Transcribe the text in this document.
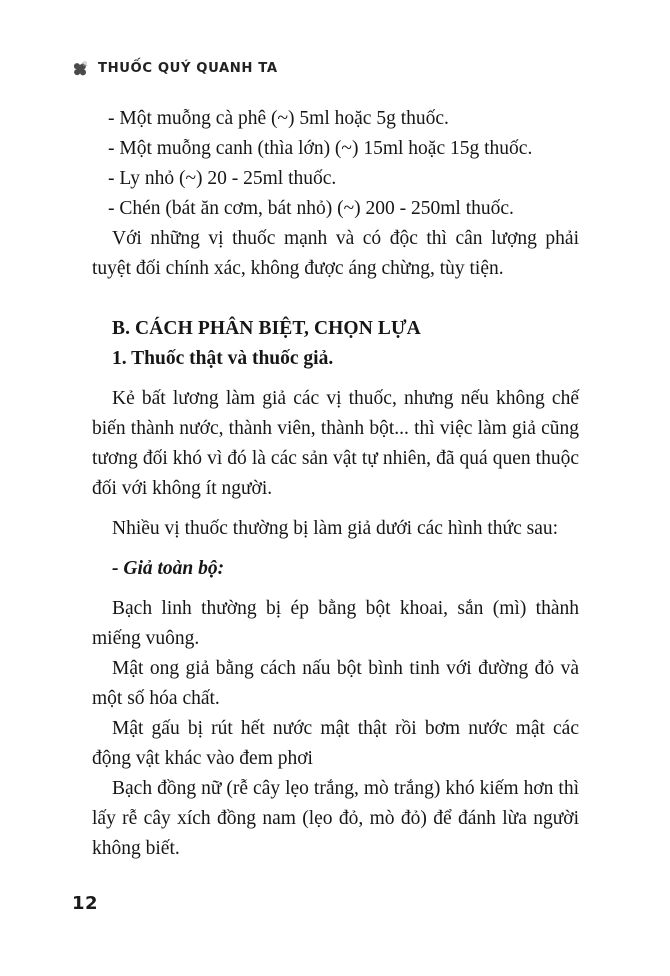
THUỐC QUÝ QUANH TA

- Một muỗng cà phê (~) 5ml hoặc 5g thuốc.

- Một muỗng canh (thìa lớn) (~) 15ml hoặc 15g thuốc.

- Ly nhỏ (~) 20 - 25ml thuốc.

- Chén (bát ăn cơm, bát nhỏ) (~) 200 - 250ml thuốc.

Với những vị thuốc mạnh và có độc thì cân lượng phải tuyệt đối chính xác, không được áng chừng, tùy tiện.

B. CÁCH PHÂN BIỆT, CHỌN LỰA

1. Thuốc thật và thuốc giả.

Kẻ bất lương làm giả các vị thuốc, nhưng nếu không chế biến thành nước, thành viên, thành bột... thì việc làm giả cũng tương đối khó vì đó là các sản vật tự nhiên, đã quá quen thuộc đối với không ít người.

Nhiều vị thuốc thường bị làm giả dưới các hình thức sau:

- Giả toàn bộ:

Bạch linh thường bị ép bằng bột khoai, sắn (mì) thành miếng vuông.

Mật ong giả bằng cách nấu bột bình tinh với đường đỏ và một số hóa chất.

Mật gấu bị rút hết nước mật thật rồi bơm nước mật các động vật khác vào đem phơi

Bạch đồng nữ (rễ cây lẹo trắng, mò trắng) khó kiếm hơn thì lấy rễ cây xích đồng nam (lẹo đỏ, mò đỏ) để đánh lừa người không biết.

12
